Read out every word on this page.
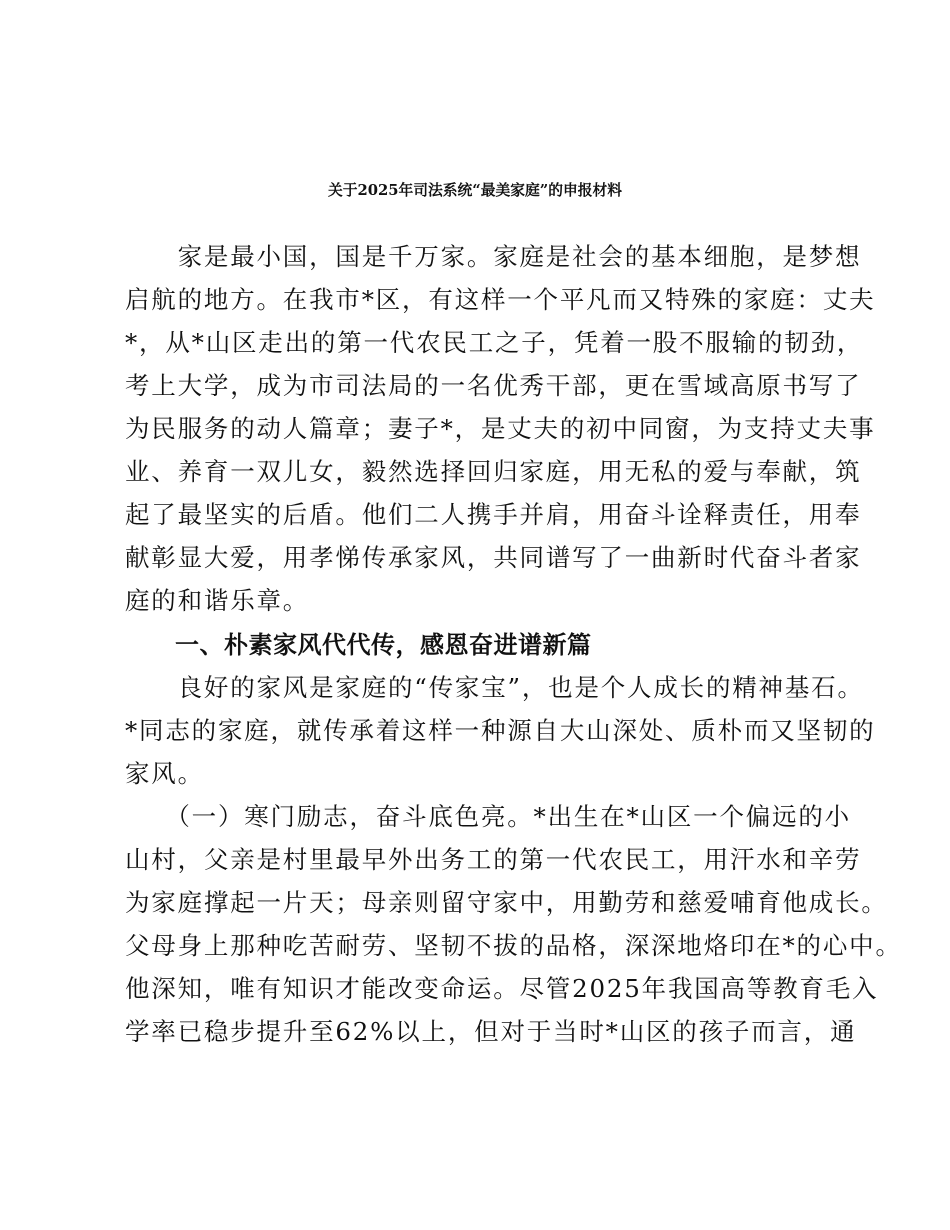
关于2025年司法系统“最美家庭”的申报材料
　　家是最小国，国是千万家。家庭是社会的基本细胞，是梦想
启航的地方。在我市*区，有这样一个平凡而又特殊的家庭：丈夫
*，从*山区走出的第一代农民工之子，凭着一股不服输的韧劲，
考上大学，成为市司法局的一名优秀干部，更在雪域高原书写了
为民服务的动人篇章；妻子*，是丈夫的初中同窗，为支持丈夫事
业、养育一双儿女，毅然选择回归家庭，用无私的爱与奉献，筑
起了最坚实的后盾。他们二人携手并肩，用奋斗诠释责任，用奉
献彰显大爱，用孝悌传承家风，共同谱写了一曲新时代奋斗者家
庭的和谐乐章。
一、朴素家风代代传，感恩奋进谱新篇
　　良好的家风是家庭的“传家宝”，也是个人成长的精神基石。
*同志的家庭，就传承着这样一种源自大山深处、质朴而又坚韧的
家风。
　　（一）寒门励志，奋斗底色亮。*出生在*山区一个偏远的小
山村，父亲是村里最早外出务工的第一代农民工，用汗水和辛劳
为家庭撑起一片天；母亲则留守家中，用勤劳和慈爱哺育他成长。
父母身上那种吃苦耐劳、坚韧不拔的品格，深深地烙印在*的心中。
他深知，唯有知识才能改变命运。尽管2025年我国高等教育毛入
学率已稳步提升至62%以上，但对于当时*山区的孩子而言，通
